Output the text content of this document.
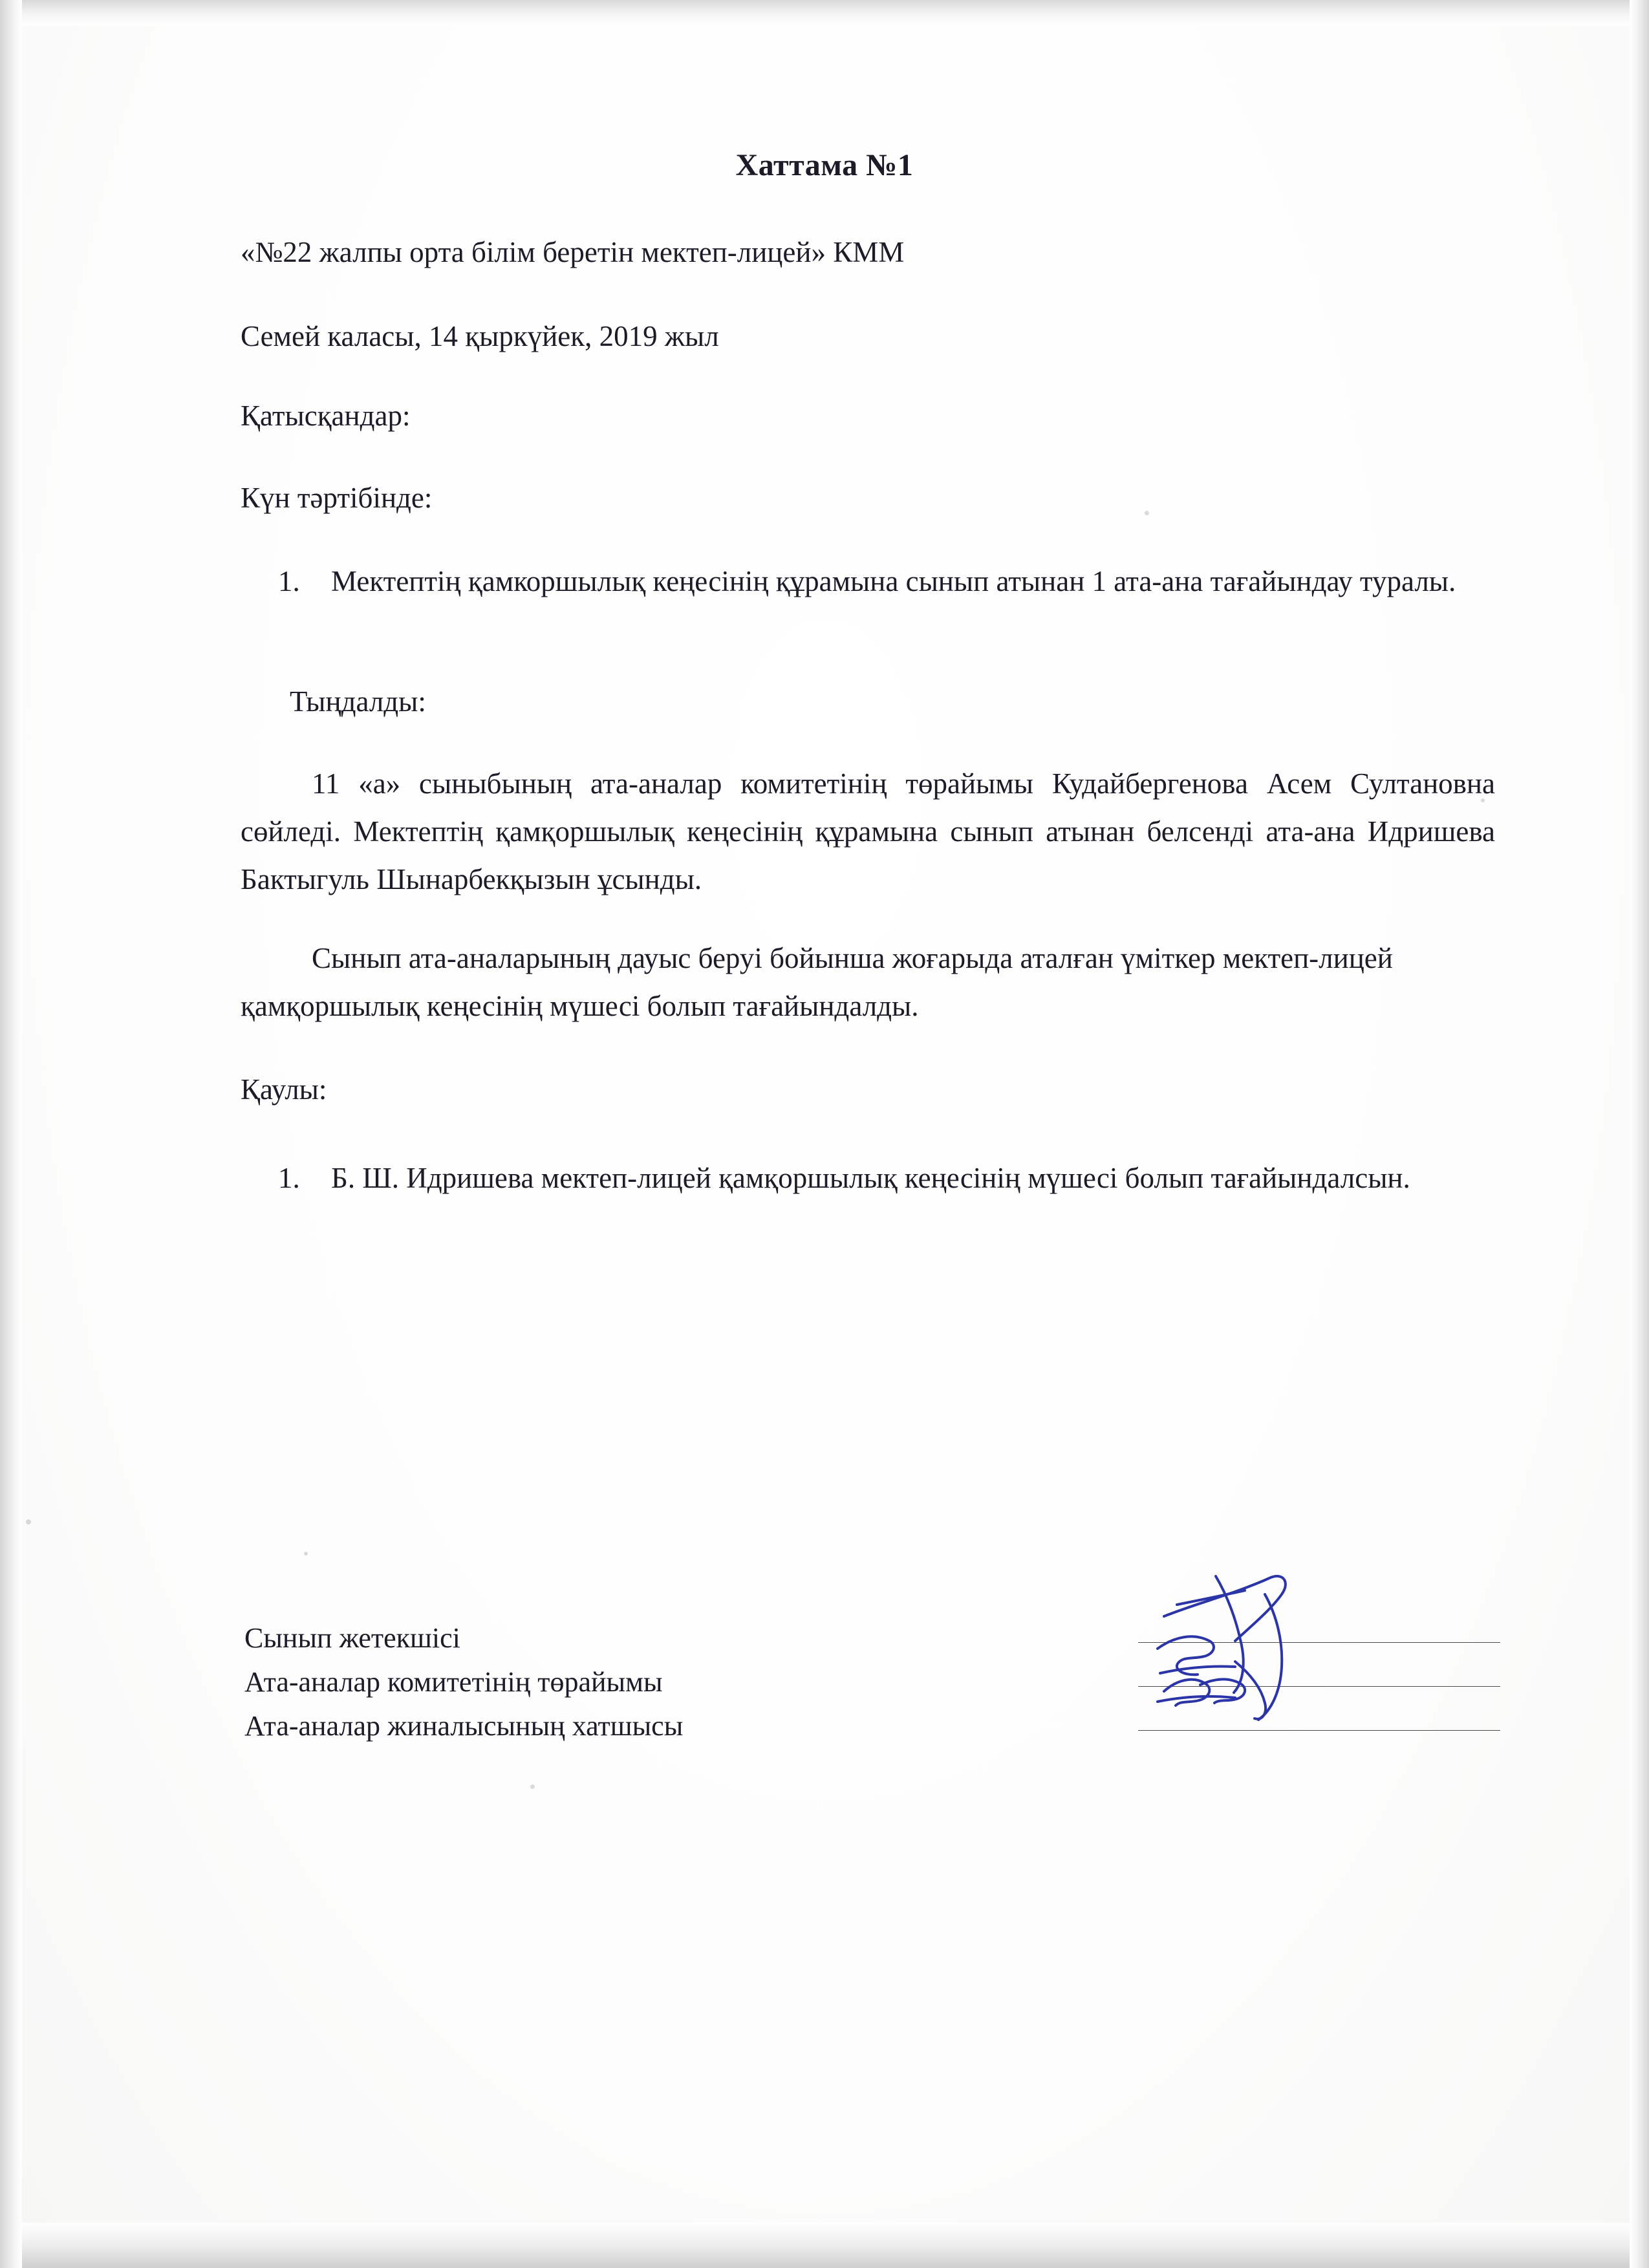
Хаттама №1
«№22 жалпы орта білім беретін мектеп-лицей» КММ
Семей каласы, 14 қыркүйек, 2019 жыл
Қатысқандар:
Күн тәртібінде:
1. Мектептің қамкоршылық кеңесінің құрамына сынып атынан 1 ата-ана тағайындау туралы.
Тыңдалды:
11 «а» сыныбының ата-аналар комитетінің төрайымы Кудайбергенова Асем Султановна сөйледі. Мектептің қамқоршылық кеңесінің құрамына сынып атынан белсенді ата-ана Идришева Бактыгуль Шынарбекқызын ұсынды.
Сынып ата-аналарының дауыс беруі бойынша жоғарыда аталған үміткер мектеп-лицей қамқоршылық кеңесінің мүшесі болып тағайындалды.
Қаулы:
1. Б. Ш. Идришева мектеп-лицей қамқоршылық кеңесінің мүшесі болып тағайындалсын.
Сынып жетекшісі
Ата-аналар комитетінің төрайымы
Ата-аналар жиналысының хатшысы
